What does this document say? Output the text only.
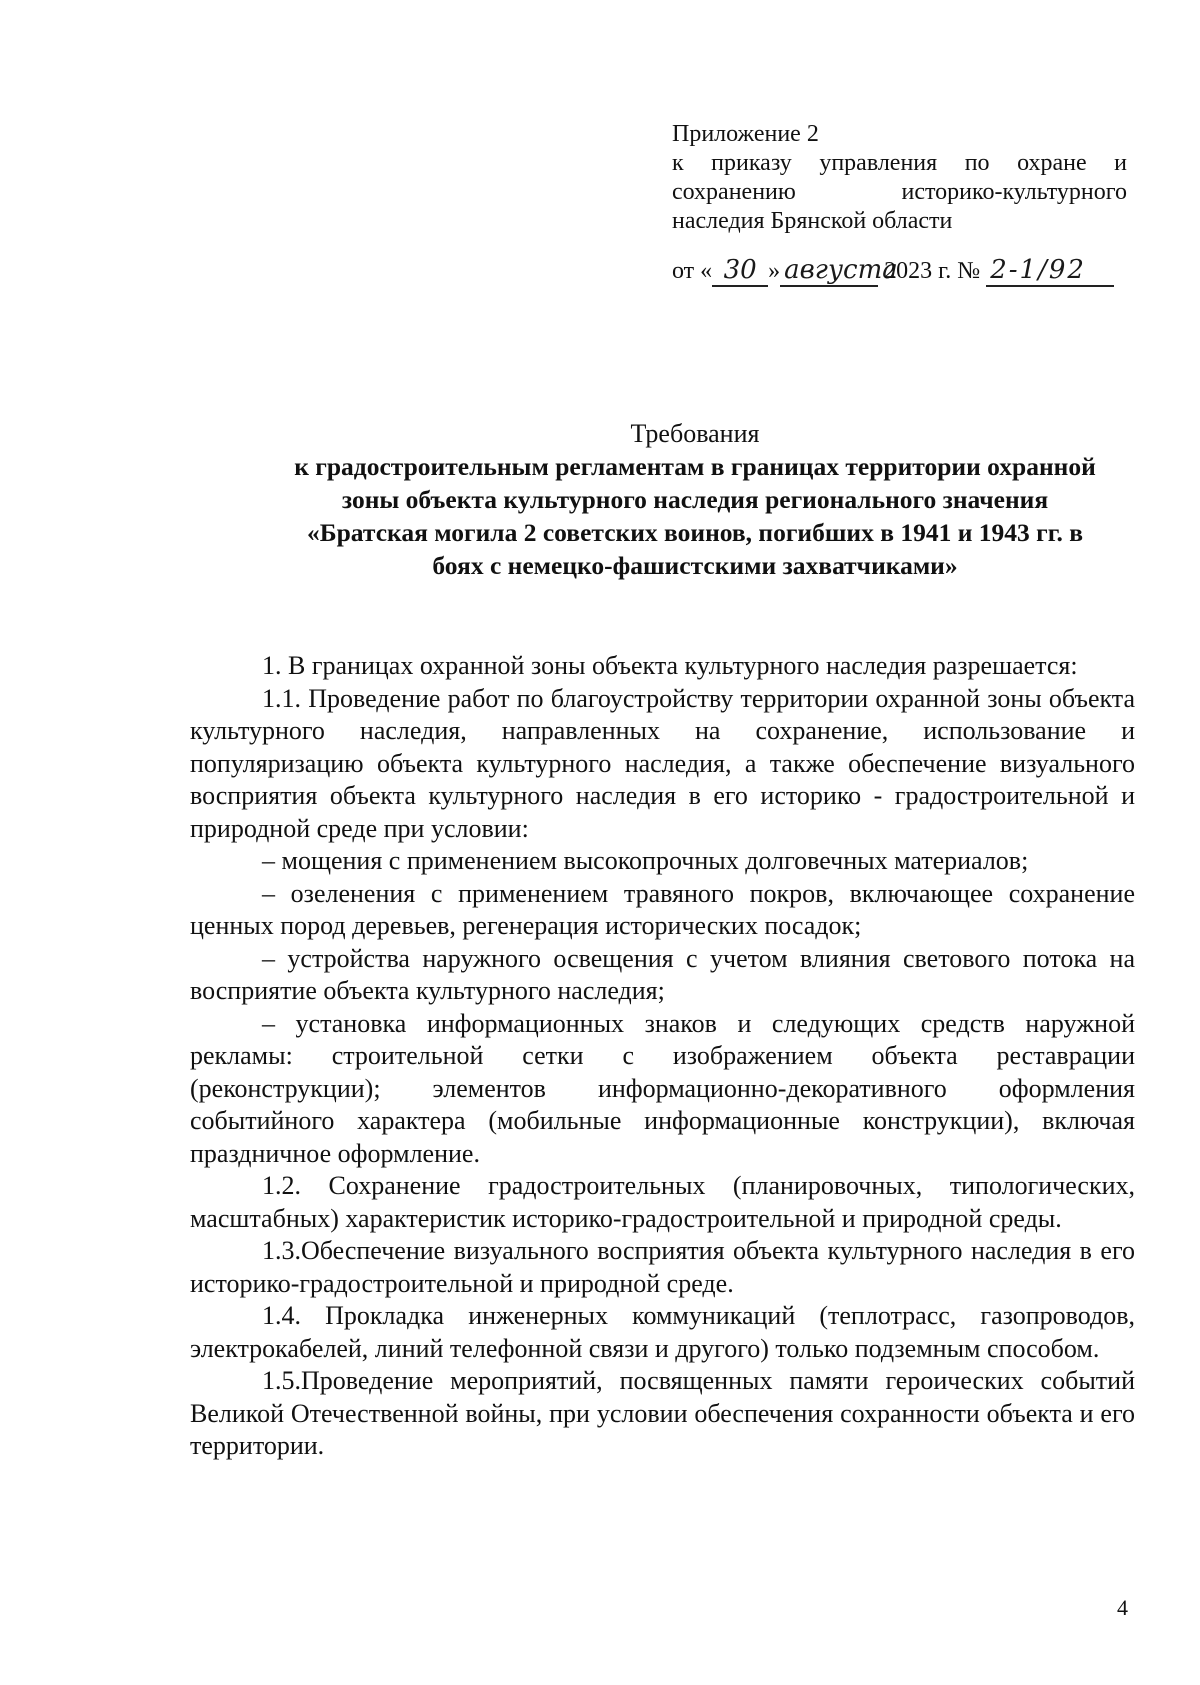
Приложение 2
к приказу управления по охране и
сохранению историко-культурного
наследия Брянской области
от « 30 » августа 2023 г. № 2-1/92
Требования
к градостроительным регламентам в границах территории охранной
зоны объекта культурного наследия регионального значения
«Братская могила 2 советских воинов, погибших в 1941 и 1943 гг. в
боях с немецко-фашистскими захватчиками»

1. В границах охранной зоны объекта культурного наследия разрешается:

1.1. Проведение работ по благоустройству территории охранной зоны объекта культурного наследия, направленных на сохранение, использование и популяризацию объекта культурного наследия, а также обеспечение визуального восприятия объекта культурного наследия в его историко - градостроительной и природной среде при условии:

– мощения с применением высокопрочных долговечных материалов;

– озеленения с применением травяного покров, включающее сохранение ценных пород деревьев, регенерация исторических посадок;

– устройства наружного освещения с учетом влияния светового потока на восприятие объекта культурного наследия;

– установка информационных знаков и следующих средств наружной рекламы: строительной сетки с изображением объекта реставрации (реконструкции); элементов информационно-декоративного оформления событийного характера (мобильные информационные конструкции), включая праздничное оформление.

1.2. Сохранение градостроительных (планировочных, типологических, масштабных) характеристик историко-градостроительной и природной среды.

1.3.Обеспечение визуального восприятия объекта культурного наследия в его историко-градостроительной и природной среде.

1.4. Прокладка инженерных коммуникаций (теплотрасс, газопроводов, электрокабелей, линий телефонной связи и другого) только подземным способом.

1.5.Проведение мероприятий, посвященных памяти героических событий Великой Отечественной войны, при условии обеспечения сохранности объекта и его территории.

4
